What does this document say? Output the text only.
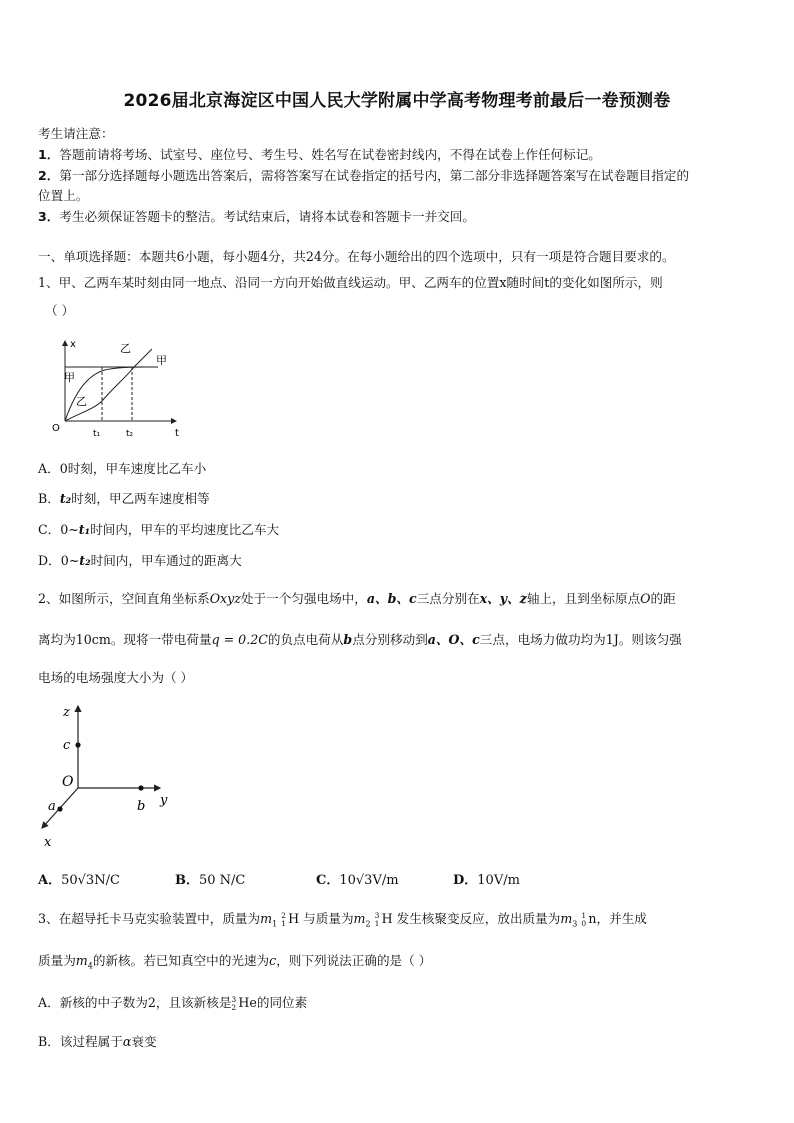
2026届北京海淀区中国人民大学附属中学高考物理考前最后一卷预测卷
考生请注意：
1．答题前请将考场、试室号、座位号、考生号、姓名写在试卷密封线内，不得在试卷上作任何标记。
2．第一部分选择题每小题选出答案后，需将答案写在试卷指定的括号内，第二部分非选择题答案写在试卷题目指定的
位置上。
3．考生必须保证答题卡的整洁。考试结束后，请将本试卷和答题卡一并交回。
一、单项选择题：本题共6小题，每小题4分，共24分。在每小题给出的四个选项中，只有一项是符合题目要求的。
1、甲、乙两车某时刻由同一地点、沿同一方向开始做直线运动。甲、乙两车的位置x随时间t的变化如图所示，则
（ ）
x
t
O	t₁	t₂
甲
甲
乙
乙
A．0时刻，甲车速度比乙车小
B．t₂时刻，甲乙两车速度相等
C．0~t₁时间内，甲车的平均速度比乙车大
D．0~t₂时间内，甲车通过的距离大
2、如图所示，空间直角坐标系Oxyz处于一个匀强电场中，a、b、c三点分别在x、y、z轴上，且到坐标原点O的距
离均为10cm。现将一带电荷量q = 0.2C的负点电荷从b点分别移动到a、O、c三点，电场力做功均为1J。则该匀强
电场的电场强度大小为（ ）
z
c
O
y
b
a
x
A．50√3N/C	B．50 N/C	C．10√3V/m	D．10V/m
3、在超导托卡马克实验装置中，质量为$m_1$
2
1 H 与质量为$m_2$
3
1 H 发生核聚变反应，放出质量为$m_3$
1
0 n，并生成
质量为$m_4$的新核。若已知真空中的光速为c，则下列说法正确的是（ ）
A．新核的中子数为2，且该新核是 3
2 He的同位素
B．该过程属于α衰变
